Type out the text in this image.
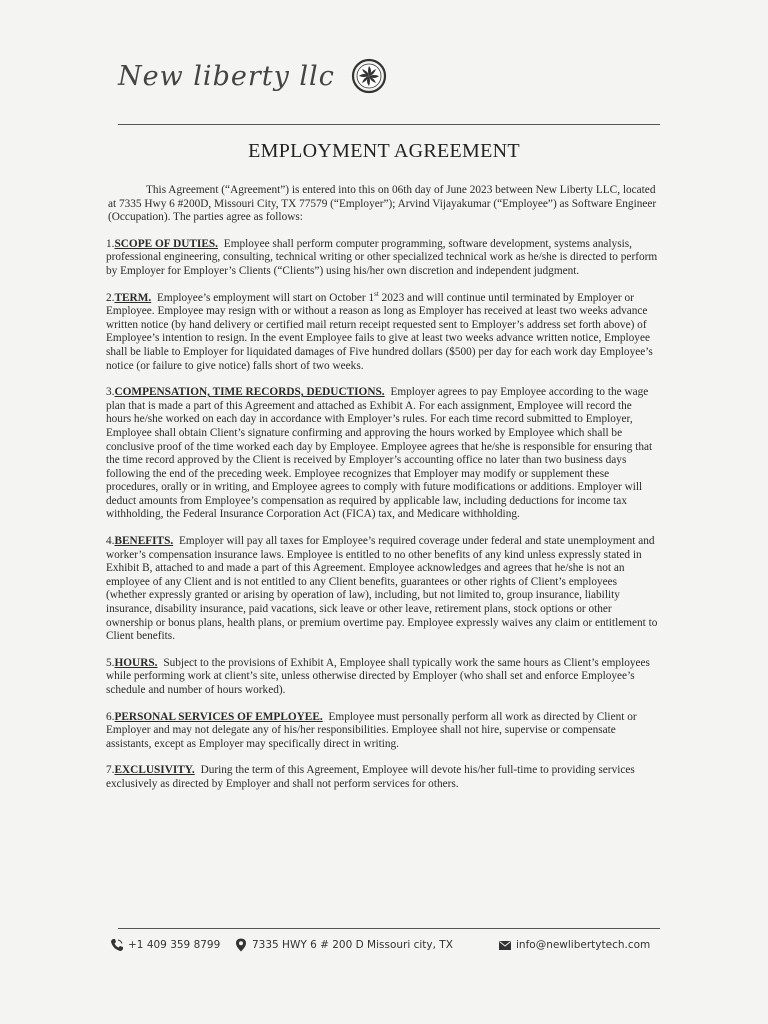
New liberty llc
EMPLOYMENT AGREEMENT

This Agreement (“Agreement”) is entered into this on 06th day of June 2023 between New Liberty LLC, located at 7335 Hwy 6 #200D, Missouri City, TX 77579 (“Employer”); Arvind Vijayakumar (“Employee”) as Software Engineer (Occupation). The parties agree as follows:

1.SCOPE OF DUTIES. Employee shall perform computer programming, software development, systems analysis, professional engineering, consulting, technical writing or other specialized technical work as he/she is directed to perform by Employer for Employer’s Clients (“Clients”) using his/her own discretion and independent judgment.

2.TERM. Employee’s employment will start on October 1st 2023 and will continue until terminated by Employer or Employee. Employee may resign with or without a reason as long as Employer has received at least two weeks advance written notice (by hand delivery or certified mail return receipt requested sent to Employer’s address set forth above) of Employee’s intention to resign. In the event Employee fails to give at least two weeks advance written notice, Employee shall be liable to Employer for liquidated damages of Five hundred dollars ($500) per day for each work day Employee’s notice (or failure to give notice) falls short of two weeks.

3.COMPENSATION, TIME RECORDS, DEDUCTIONS. Employer agrees to pay Employee according to the wage plan that is made a part of this Agreement and attached as Exhibit A. For each assignment, Employee will record the hours he/she worked on each day in accordance with Employer’s rules. For each time record submitted to Employer, Employee shall obtain Client’s signature confirming and approving the hours worked by Employee which shall be conclusive proof of the time worked each day by Employee. Employee agrees that he/she is responsible for ensuring that the time record approved by the Client is received by Employer’s accounting office no later than two business days following the end of the preceding week. Employee recognizes that Employer may modify or supplement these procedures, orally or in writing, and Employee agrees to comply with future modifications or additions. Employer will deduct amounts from Employee’s compensation as required by applicable law, including deductions for income tax withholding, the Federal Insurance Corporation Act (FICA) tax, and Medicare withholding.

4.BENEFITS. Employer will pay all taxes for Employee’s required coverage under federal and state unemployment and worker’s compensation insurance laws. Employee is entitled to no other benefits of any kind unless expressly stated in Exhibit B, attached to and made a part of this Agreement. Employee acknowledges and agrees that he/she is not an employee of any Client and is not entitled to any Client benefits, guarantees or other rights of Client’s employees (whether expressly granted or arising by operation of law), including, but not limited to, group insurance, liability insurance, disability insurance, paid vacations, sick leave or other leave, retirement plans, stock options or other ownership or bonus plans, health plans, or premium overtime pay. Employee expressly waives any claim or entitlement to Client benefits.

5.HOURS. Subject to the provisions of Exhibit A, Employee shall typically work the same hours as Client’s employees while performing work at client’s site, unless otherwise directed by Employer (who shall set and enforce Employee’s schedule and number of hours worked).

6.PERSONAL SERVICES OF EMPLOYEE. Employee must personally perform all work as directed by Client or Employer and may not delegate any of his/her responsibilities. Employee shall not hire, supervise or compensate assistants, except as Employer may specifically direct in writing.

7.EXCLUSIVITY. During the term of this Agreement, Employee will devote his/her full-time to providing services exclusively as directed by Employer and shall not perform services for others.

+1 409 359 8799	7335 HWY 6 # 200 D Missouri city, TX	info@newlibertytech.com
